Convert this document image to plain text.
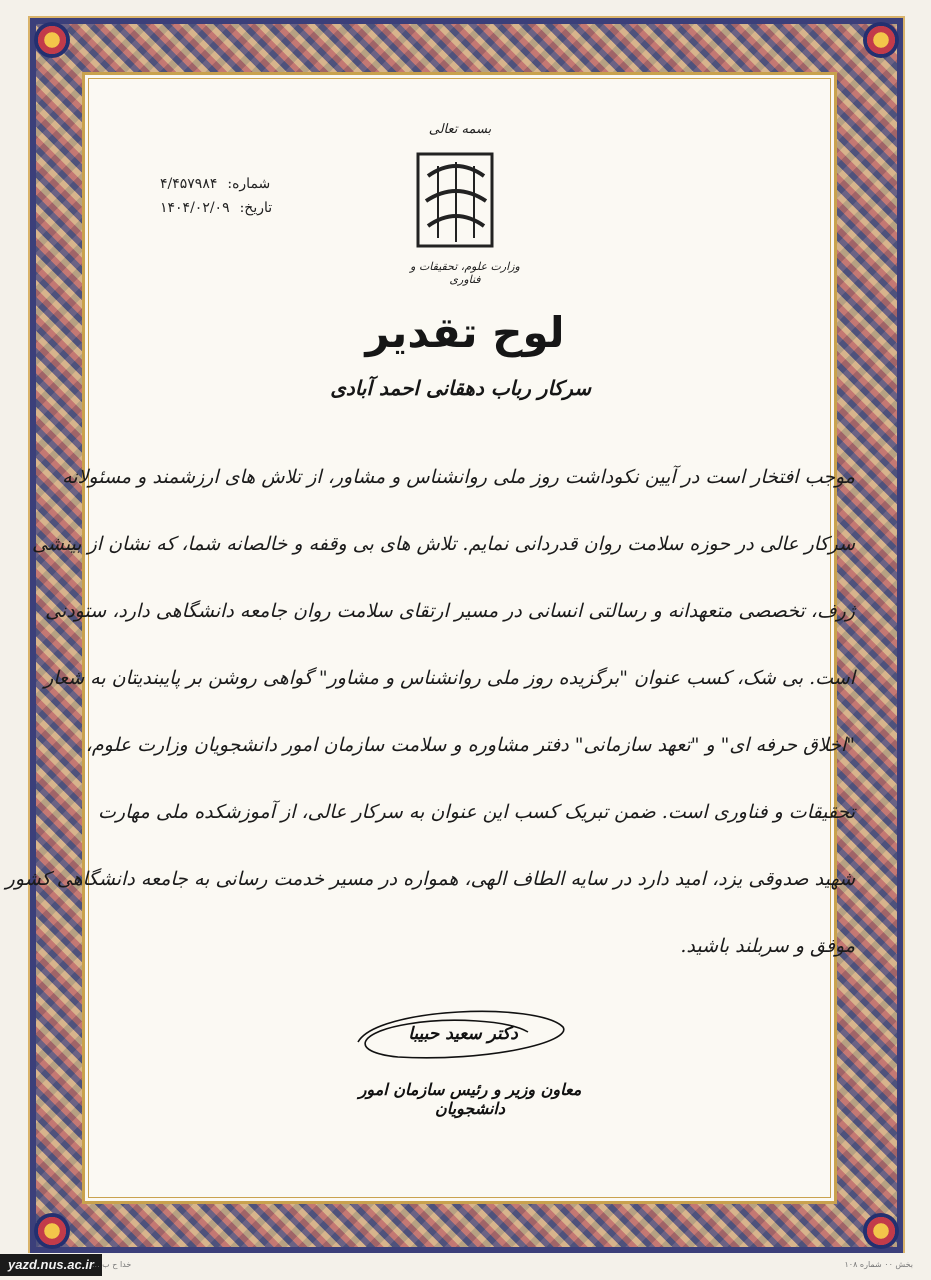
بسمه تعالی
وزارت علوم، تحقیقات و فناوری
۴/۴۵۷۹۸۴ شماره:
۱۴۰۴/۰۲/۰۹ تاریخ:
لوح تقدیر
سرکار رباب دهقانی احمد آبادی
موجب افتخار است در آیین نکوداشت روز ملی روانشناس و مشاور، از تلاش های ارزشمند و مسئولانه
سرکار عالی در حوزه سلامت روان قدردانی نمایم. تلاش های بی وقفه و خالصانه شما، که نشان از بینشی
ژرف، تخصصی متعهدانه و رسالتی انسانی در مسیر ارتقای سلامت روان جامعه دانشگاهی دارد، ستودنی
است. بی شک، کسب عنوان "برگزیده روز ملی روانشناس و مشاور" گواهی روشن بر پایبندیتان به شعار
"اخلاق حرفه ای" و "تعهد سازمانی" دفتر مشاوره و سلامت سازمان امور دانشجویان وزارت علوم،
تحقیقات و فناوری است. ضمن تبریک کسب این عنوان به سرکار عالی، از آموزشکده ملی مهارت
شهید صدوقی یزد، امید دارد در سایه الطاف الهی، همواره در مسیر خدمت رسانی به جامعه دانشگاهی کشور
موفق و سربلند باشید.
دکتر سعید حبیبا
معاون وزیر و رئیس سازمان امور دانشجویان
yazd.nus.ac.ir
خدا ح ب ...	بخش ۰۰ شماره ۱۰۸
